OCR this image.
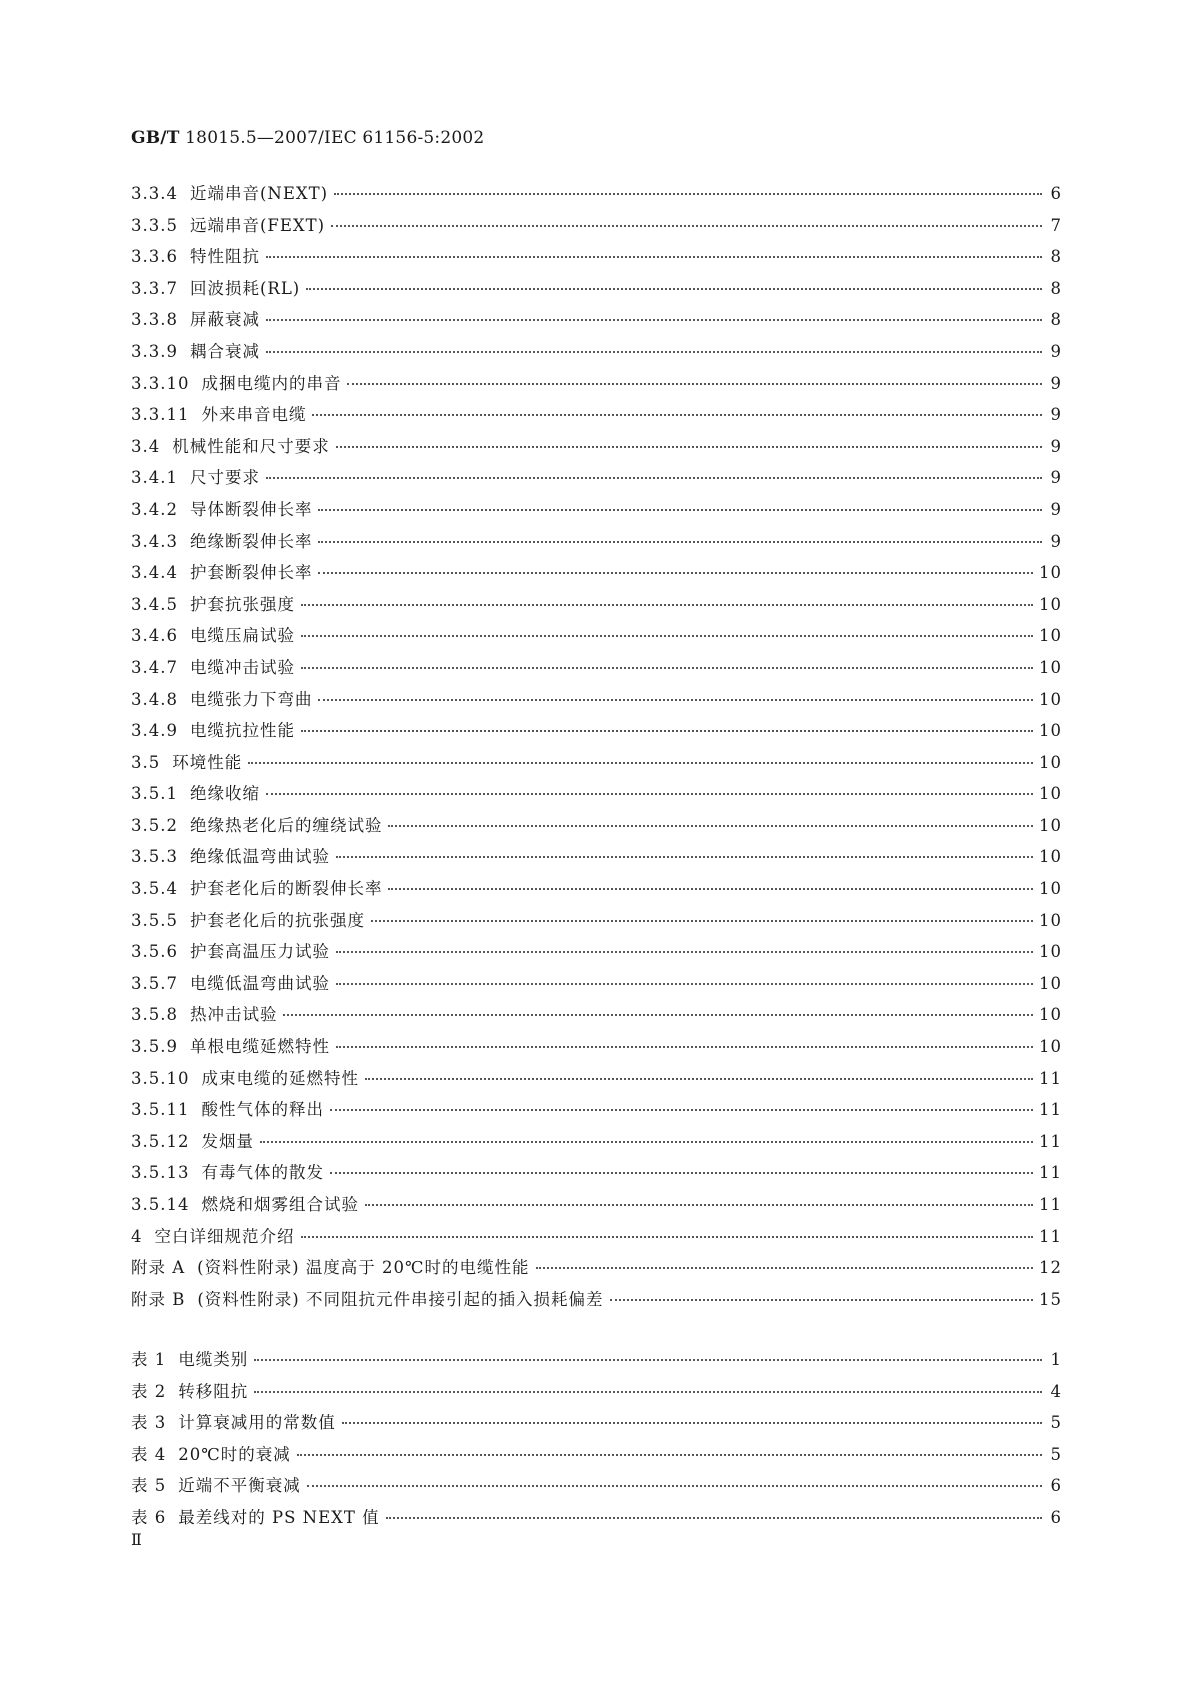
GB/T 18015.5—2007/IEC 61156-5:2002
3.3.4 近端串音(NEXT)	6
3.3.5 远端串音(FEXT)	7
3.3.6 特性阻抗	8
3.3.7 回波损耗(RL)	8
3.3.8 屏蔽衰减	8
3.3.9 耦合衰减	9
3.3.10 成捆电缆内的串音	9
3.3.11 外来串音电缆	9
3.4 机械性能和尺寸要求	9
3.4.1 尺寸要求	9
3.4.2 导体断裂伸长率	9
3.4.3 绝缘断裂伸长率	9
3.4.4 护套断裂伸长率	10
3.4.5 护套抗张强度	10
3.4.6 电缆压扁试验	10
3.4.7 电缆冲击试验	10
3.4.8 电缆张力下弯曲	10
3.4.9 电缆抗拉性能	10
3.5 环境性能	10
3.5.1 绝缘收缩	10
3.5.2 绝缘热老化后的缠绕试验	10
3.5.3 绝缘低温弯曲试验	10
3.5.4 护套老化后的断裂伸长率	10
3.5.5 护套老化后的抗张强度	10
3.5.6 护套高温压力试验	10
3.5.7 电缆低温弯曲试验	10
3.5.8 热冲击试验	10
3.5.9 单根电缆延燃特性	10
3.5.10 成束电缆的延燃特性	11
3.5.11 酸性气体的释出	11
3.5.12 发烟量	11
3.5.13 有毒气体的散发	11
3.5.14 燃烧和烟雾组合试验	11
4 空白详细规范介绍	11
附录 A (资料性附录) 温度高于 20℃时的电缆性能	12
附录 B (资料性附录) 不同阻抗元件串接引起的插入损耗偏差	15
表 1 电缆类别	1
表 2 转移阻抗	4
表 3 计算衰减用的常数值	5
表 4 20℃时的衰减	5
表 5 近端不平衡衰减	6
表 6 最差线对的 PS NEXT 值	6
Ⅱ
